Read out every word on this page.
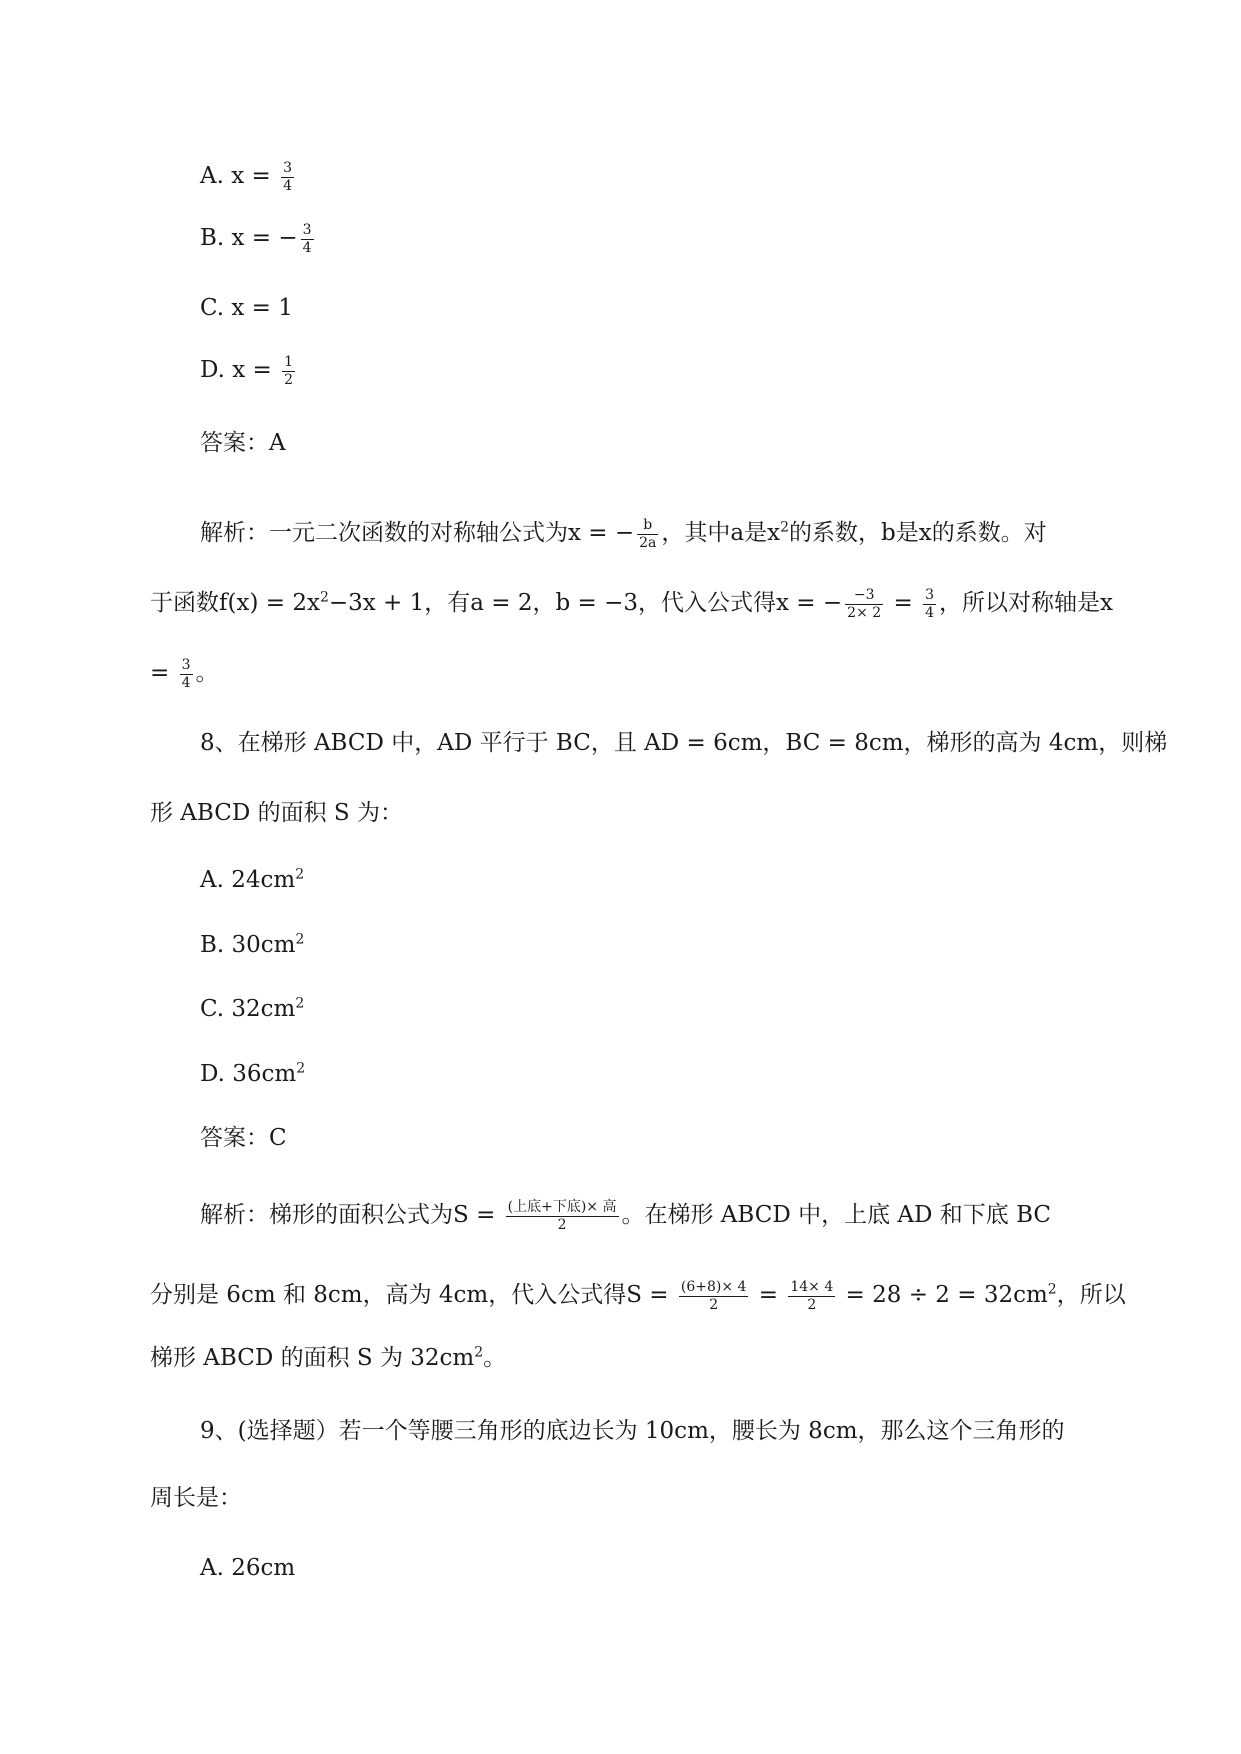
A. $x = \frac{3}{4}$

B. x = − $\frac{3}{4}$

C. x = 1

D. $x = \frac{1}{2}$

答案：A

解析：一元二次函数的对称轴公式为x = − $\frac{b}{2a}$ ，其中a是$x^2$的系数，b是x的系数。对

于函数$f(x) = 2x^2-3x + 1$，有a = 2，b = −3，代入公式得x = − $\frac{-3}{2\times 2} = \frac{3}{4}$ ，所以对称轴是x

= $\frac{3}{4}$ 。

8、在梯形 ABCD 中，AD 平行于 BC，且 AD = 6cm，BC = 8cm，梯形的高为 4cm，则梯

形 ABCD 的面积 S 为：

A. $24cm^2$

B. $30cm^2$

C. $32cm^2$

D. $36cm^2$

答案：C

解析：梯形的面积公式为S = (上底+下底)× 高
2	。在梯形 ABCD 中，上底 AD 和下底 BC

分别是 6cm 和 8cm，高为 4cm，代入公式得$S = \frac{(6+8)\times 4}{2} = \frac{14\times 4}{2} = 28 \div 2 = 32cm^2$，所以

梯形 ABCD 的面积 S 为 $32cm^2$。

9、(选择题）若一个等腰三角形的底边长为 10cm，腰长为 8cm，那么这个三角形的

周长是：

A. 26cm
